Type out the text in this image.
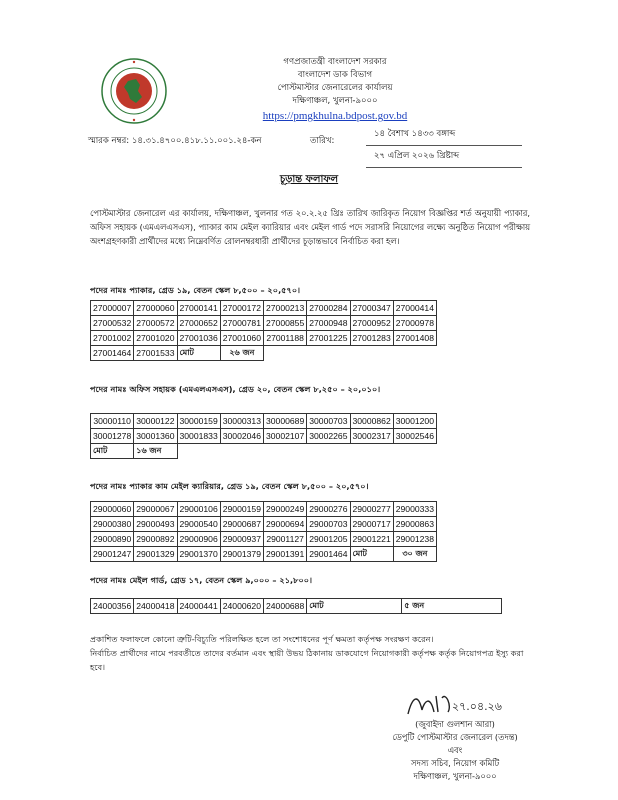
গণপ্রজাতন্ত্রী বাংলাদেশ সরকার
বাংলাদেশ ডাক বিভাগ
পোস্টমাস্টার জেনারেলের কার্যালয়
দক্ষিণাঞ্চল, খুলনা-৯০০০
https://pmgkhulna.bdpost.gov.bd
স্মারক নম্বর: ১৪.৩১.৪৭০০.৪১৮.১১.০০১.২৪-কন	তারিখ:
১৪ বৈশাখ ১৪৩৩ বঙ্গাব্দ
২৭ এপ্রিল ২০২৬ খ্রিষ্টাব্দ
চূড়ান্ত ফলাফল
পোস্টমাস্টার জেনারেল এর কার্যালয়, দক্ষিণাঞ্চল, খুলনার গত ২০.২.২৫ খ্রিঃ তারিখ জারিকৃত নিয়োগ বিজ্ঞপ্তির শর্ত অনুযায়ী প্যাকার, অফিস সহায়ক (এমএলএসএস), প্যাকার কাম মেইল ক্যারিয়ার এবং মেইল গার্ড পদে সরাসরি নিয়োগের লক্ষ্যে অনুষ্ঠিত নিয়োগ পরীক্ষায় অংশগ্রহণকারী প্রার্থীদের মধ্যে নিম্নেবর্ণিত রোলনম্বরধারী প্রার্থীদের চূড়ান্তভাবে নির্বাচিত করা হল।
পদের নামঃ প্যাকার, গ্রেড ১৯, বেতন স্কেল ৮,৫০০ – ২০,৫৭০।
27000007	27000060	27000141	27000172	27000213	27000284	27000347	27000414
27000532	27000572	27000652	27000781	27000855	27000948	27000952	27000978
27001002	27001020	27001036	27001060	27001188	27001225	27001283	27001408
27001464	27001533	মোট	২৬ জন				
পদের নামঃ অফিস সহায়ক (এমএলএসএস), গ্রেড ২০, বেতন স্কেল ৮,২৫০ – ২০,০১০।
30000110	30000122	30000159	30000313	30000689	30000703	30000862	30001200
30001278	30001360	30001833	30002046	30002107	30002265	30002317	30002546
মোট	১৬ জন						
পদের নামঃ প্যাকার কাম মেইল ক্যারিয়ার, গ্রেড ১৯, বেতন স্কেল ৮,৫০০ – ২০,৫৭০।
29000060	29000067	29000106	29000159	29000249	29000276	29000277	29000333
29000380	29000493	29000540	29000687	29000694	29000703	29000717	29000863
29000890	29000892	29000906	29000937	29001127	29001205	29001221	29001238
29001247	29001329	29001370	29001379	29001391	29001464	মোট	৩০ জন
পদের নামঃ মেইল গার্ড, গ্রেড ১৭, বেতন স্কেল ৯,০০০ – ২১,৮০০।
24000356	24000418	24000441	24000620	24000688	মোট	৫ জন
প্রকাশিত ফলাফলে কোনো ত্রুটি-বিচ্যুতি পরিলক্ষিত হলে তা সংশোধনের পূর্ণ ক্ষমতা কর্তৃপক্ষ সংরক্ষণ করেন।
নির্বাচিত প্রার্থীদের নামে পরবর্তীতে তাদের বর্তমান এবং স্থায়ী উভয় ঠিকানায় ডাকযোগে নিয়োগকারী কর্তৃপক্ষ কর্তৃক নিয়োগপত্র ইস্যু করা হবে।
২৭.০৪.২৬
(জুবাইদা গুলশান আরা)
ডেপুটি পোস্টমাস্টার জেনারেল (তদন্ত)
এবং
সদস্য সচিব, নিয়োগ কমিটি
দক্ষিণাঞ্চল, খুলনা-৯০০০
